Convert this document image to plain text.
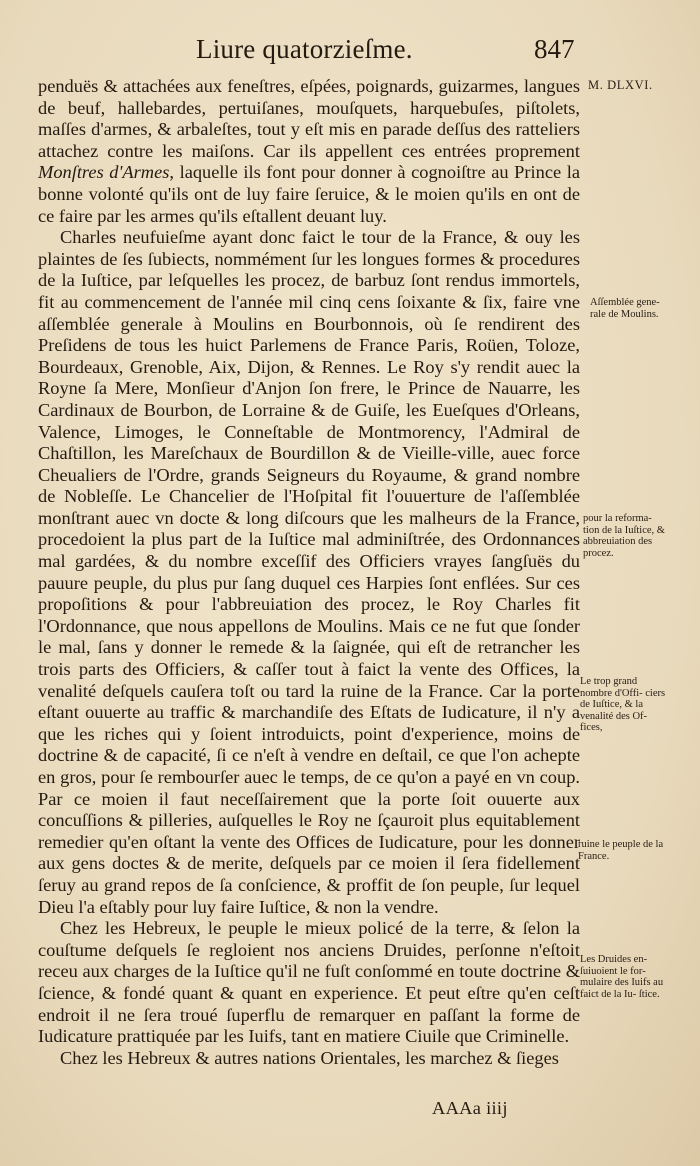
Liure quatorzieſme.	847

penduës & attachées aux feneſtres, eſpées, poignards, guizarmes, langues de beuf, hallebardes, pertuiſanes, mouſquets, harquebuſes, piſtolets, maſſes d'armes, & arbaleſtes, tout y eſt mis en parade deſſus des ratteliers attachez contre les maiſons. Car ils appellent ces entrées proprement Monſtres d'Armes, laquelle ils font pour donner à cognoiſtre au Prince la bonne volonté qu'ils ont de luy faire ſeruice, & le moien qu'ils en ont de ce faire par les armes qu'ils eſtallent deuant luy.

Charles neufuieſme ayant donc faict le tour de la France, & ouy les plaintes de ſes ſubiects, nommément ſur les longues formes & procedures de la Iuſtice, par leſquelles les procez, de barbuz ſont rendus immortels, fit au commencement de l'année mil cinq cens ſoixante & ſix, faire vne aſſemblée generale à Moulins en Bourbonnois, où ſe rendirent des Preſidens de tous les huict Parlemens de France Paris, Roüen, Toloze, Bourdeaux, Grenoble, Aix, Dijon, & Rennes. Le Roy s'y rendit auec la Royne ſa Mere, Monſieur d'Anjon ſon frere, le Prince de Nauarre, les Cardinaux de Bourbon, de Lorraine & de Guiſe, les Eueſques d'Orleans, Valence, Limoges, le Conneſtable de Montmorency, l'Admiral de Chaſtillon, les Mareſchaux de Bourdillon & de Vieille-ville, auec force Cheualiers de l'Ordre, grands Seigneurs du Royaume, & grand nombre de Nobleſſe. Le Chancelier de l'Hoſpital fit l'ouuerture de l'aſſemblée monſtrant auec vn docte & long diſcours que les malheurs de la France, procedoient la plus part de la Iuſtice mal adminiſtrée, des Ordonnances mal gardées, & du nombre exceſſif des Officiers vrayes ſangſuës du pauure peuple, du plus pur ſang duquel ces Harpies ſont enflées. Sur ces propoſitions & pour l'abbreuiation des procez, le Roy Charles fit l'Ordonnance, que nous appellons de Moulins. Mais ce ne fut que ſonder le mal, ſans y donner le remede & la ſaignée, qui eſt de retrancher les trois parts des Officiers, & caſſer tout à faict la vente des Offices, la venalité deſquels cauſera toſt ou tard la ruine de la France. Car la porte eſtant ouuerte au traffic & marchandiſe des Eſtats de Iudicature, il n'y a que les riches qui y ſoient introduicts, point d'experience, moins de doctrine & de capacité, ſi ce n'eſt à vendre en deſtail, ce que l'on achepte en gros, pour ſe rembourſer auec le temps, de ce qu'on a payé en vn coup. Par ce moien il faut neceſſairement que la porte ſoit ouuerte aux concuſſions & pilleries, auſquelles le Roy ne ſçauroit plus equitablement remedier qu'en oſtant la vente des Offices de Iudicature, pour les donner aux gens doctes & de merite, deſquels par ce moien il ſera fidellement ſeruy au grand repos de ſa conſcience, & proffit de ſon peuple, ſur lequel Dieu l'a eſtably pour luy faire Iuſtice, & non la vendre.

Chez les Hebreux, le peuple le mieux policé de la terre, & ſelon la couſtume deſquels ſe regloient nos anciens Druides, perſonne n'eſtoit receu aux charges de la Iuſtice qu'il ne fuſt conſommé en toute doctrine & ſcience, & fondé quant & quant en experience. Et peut eſtre qu'en ceſt endroit il ne ſera troué ſuperflu de remarquer en paſſant la forme de Iudicature prattiquée par les Iuifs, tant en matiere Ciuile que Criminelle.

Chez les Hebreux & autres nations Orientales, les marchez & ſieges

M. DLXVI.
Aſſemblée gene- rale de Moulins.
pour la reforma- tion de la Iuſtice, & abbreuiation des procez.
Le trop grand nombre d'Offi- ciers de Iuſtice, & la venalité des Of- fices,
ruine le peuple de la France.
Les Druides en- ſuiuoient le for- mulaire des Iuifs au faict de la Iu- ſtice.
AAAa iiij
